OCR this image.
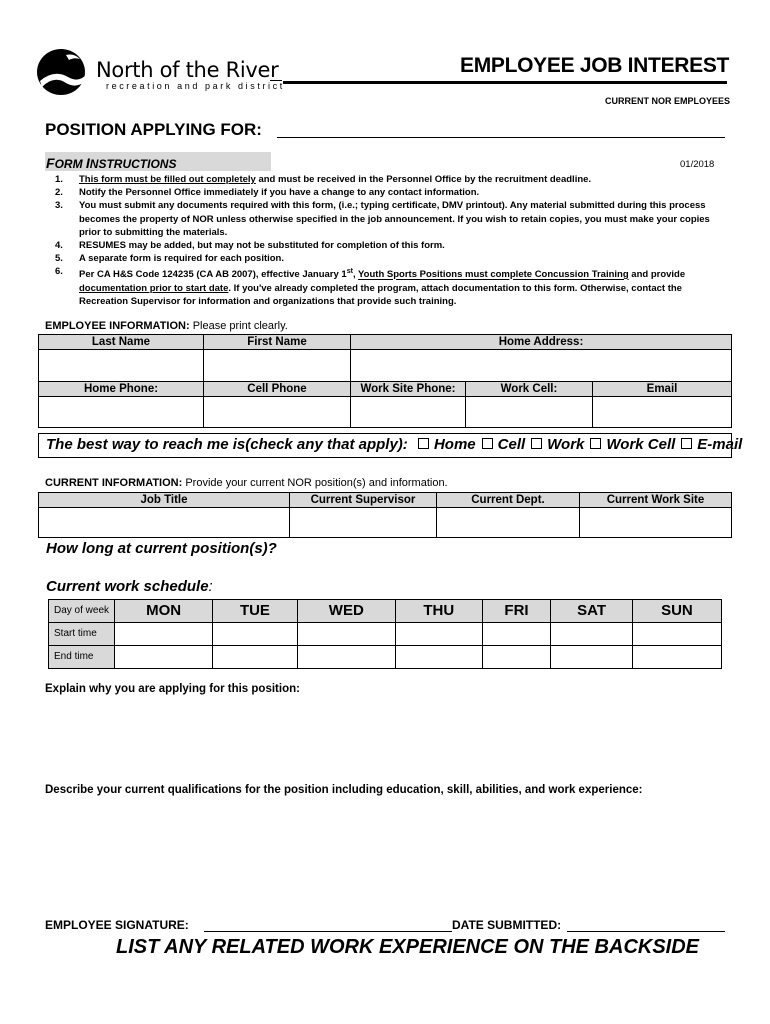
North of the River
recreation and park district
EMPLOYEE JOB INTEREST
CURRENT NOR EMPLOYEES
POSITION APPLYING FOR:
FORM INSTRUCTIONS	01/2018
1.	This form must be filled out completely and must be received in the Personnel Office by the recruitment deadline.
2.	Notify the Personnel Office immediately if you have a change to any contact information.
3.	You must submit any documents required with this form, (i.e.; typing certificate, DMV printout). Any material submitted during this process becomes the property of NOR unless otherwise specified in the job announcement. If you wish to retain copies, you must make your copies prior to submitting the materials.
4.	RESUMES may be added, but may not be substituted for completion of this form.
5.	A separate form is required for each position.
6.	Per CA H&S Code 124235 (CA AB 2007), effective January 1st, Youth Sports Positions must complete Concussion Training and provide documentation prior to start date. If you've already completed the program, attach documentation to this form. Otherwise, contact the Recreation Supervisor for information and organizations that provide such training.
EMPLOYEE INFORMATION: Please print clearly.
Last Name	First Name	Home Address:		

Home Phone:	Cell Phone	Work Site Phone:	Work Cell:	Email

The best way to reach me is(check any that apply): Home Cell Work Work Cell E-mail
CURRENT INFORMATION: Provide your current NOR position(s) and information.
Job Title	Current Supervisor	Current Dept.	Current Work Site

How long at current position(s)?
Current work schedule:
Day of week	MON	TUE	WED	THU	FRI	SAT	SUN
Start time							
End time							
Explain why you are applying for this position:
Describe your current qualifications for the position including education, skill, abilities, and work experience:
EMPLOYEE SIGNATURE:	DATE SUBMITTED:
LIST ANY RELATED WORK EXPERIENCE ON THE BACKSIDE
